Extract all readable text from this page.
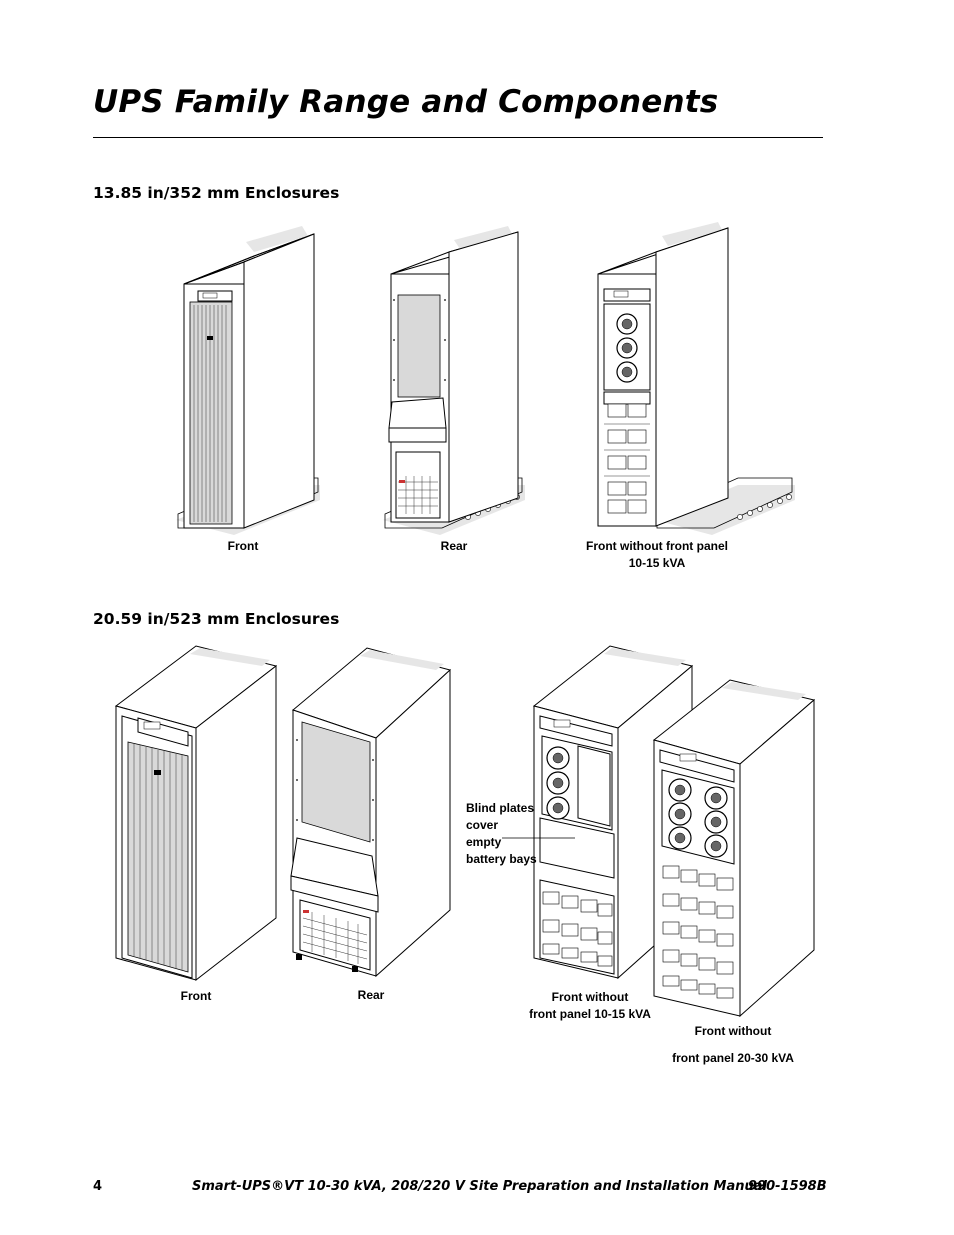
UPS Family Range and Components
13.85 in/352 mm Enclosures
20.59 in/523 mm Enclosures
Front	Rear	Front without front panel
10-15 kVA
Front	Rear
Blind plates
cover
empty
battery bays
Front without
front panel 10-15 kVA
Front without
front panel 20-30 kVA
4	Smart-UPS®VT 10-30 kVA, 208/220 V Site Preparation and Installation Manual
990-1598B
